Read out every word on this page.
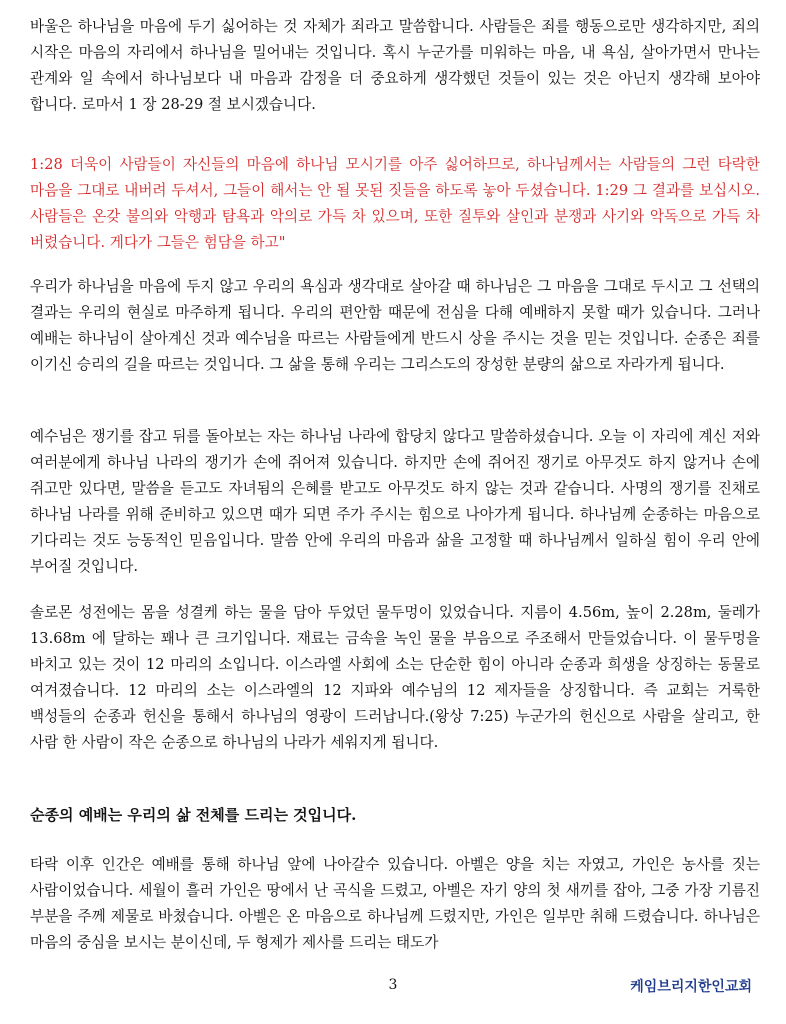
바울은 하나님을 마음에 두기 싫어하는 것 자체가 죄라고 말씀합니다. 사람들은 죄를 행동으로만 생각하지만, 죄의 시작은 마음의 자리에서 하나님을 밀어내는 것입니다. 혹시 누군가를 미워하는 마음, 내 욕심, 살아가면서 만나는 관계와 일 속에서 하나님보다 내 마음과 감정을 더 중요하게 생각했던 것들이 있는 것은 아닌지 생각해 보아야 합니다. 로마서 1 장 28-29 절 보시겠습니다.

1:28 더욱이 사람들이 자신들의 마음에 하나님 모시기를 아주 싫어하므로, 하나님께서는 사람들의 그런 타락한 마음을 그대로 내버려 두셔서, 그들이 해서는 안 될 못된 짓들을 하도록 놓아 두셨습니다. 1:29 그 결과를 보십시오. 사람들은 온갖 불의와 악행과 탐욕과 악의로 가득 차 있으며, 또한 질투와 살인과 분쟁과 사기와 악독으로 가득 차 버렸습니다. 게다가 그들은 험담을 하고"

우리가 하나님을 마음에 두지 않고 우리의 욕심과 생각대로 살아갈 때 하나님은 그 마음을 그대로 두시고 그 선택의 결과는 우리의 현실로 마주하게 됩니다. 우리의 편안함 때문에 전심을 다해 예배하지 못할 때가 있습니다. 그러나 예배는 하나님이 살아계신 것과 예수님을 따르는 사람들에게 반드시 상을 주시는 것을 믿는 것입니다. 순종은 죄를 이기신 승리의 길을 따르는 것입니다. 그 삶을 통해 우리는 그리스도의 장성한 분량의 삶으로 자라가게 됩니다.

예수님은 쟁기를 잡고 뒤를 돌아보는 자는 하나님 나라에 합당치 않다고 말씀하셨습니다. 오늘 이 자리에 계신 저와 여러분에게 하나님 나라의 쟁기가 손에 쥐어져 있습니다. 하지만 손에 쥐어진 쟁기로 아무것도 하지 않거나 손에 쥐고만 있다면, 말씀을 듣고도 자녀됨의 은혜를 받고도 아무것도 하지 않는 것과 같습니다. 사명의 쟁기를 진채로 하나님 나라를 위해 준비하고 있으면 때가 되면 주가 주시는 힘으로 나아가게 됩니다. 하나님께 순종하는 마음으로 기다리는 것도 능동적인 믿음입니다. 말씀 안에 우리의 마음과 삶을 고정할 때 하나님께서 일하실 힘이 우리 안에 부어질 것입니다.

솔로몬 성전에는 몸을 성결케 하는 물을 담아 두었던 물두멍이 있었습니다. 지름이 4.56m, 높이 2.28m, 둘레가 13.68m 에 달하는 꽤나 큰 크기입니다. 재료는 금속을 녹인 물을 부음으로 주조해서 만들었습니다. 이 물두멍을 바치고 있는 것이 12 마리의 소입니다. 이스라엘 사회에 소는 단순한 힘이 아니라 순종과 희생을 상징하는 동물로 여겨졌습니다. 12 마리의 소는 이스라엘의 12 지파와 예수님의 12 제자들을 상징합니다. 즉 교회는 거룩한 백성들의 순종과 헌신을 통해서 하나님의 영광이 드러납니다.(왕상 7:25) 누군가의 헌신으로 사람을 살리고, 한 사람 한 사람이 작은 순종으로 하나님의 나라가 세워지게 됩니다.

순종의 예배는 우리의 삶 전체를 드리는 것입니다.

타락 이후 인간은 예배를 통해 하나님 앞에 나아갈수 있습니다. 아벨은 양을 치는 자였고, 가인은 농사를 짓는 사람이었습니다. 세월이 흘러 가인은 땅에서 난 곡식을 드렸고, 아벨은 자기 양의 첫 새끼를 잡아, 그중 가장 기름진 부분을 주께 제물로 바쳤습니다. 아벨은 온 마음으로 하나님께 드렸지만, 가인은 일부만 취해 드렸습니다. 하나님은 마음의 중심을 보시는 분이신데, 두 형제가 제사를 드리는 태도가

3	케임브리지한인교회
